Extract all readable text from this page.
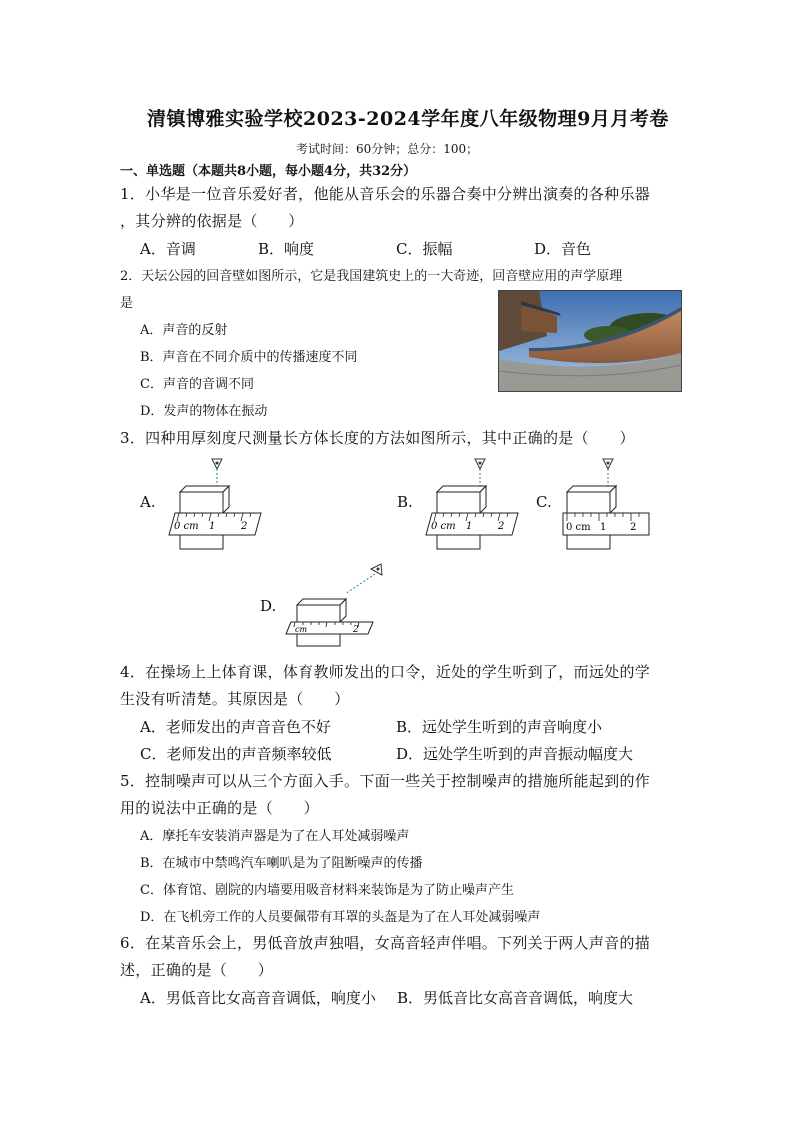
清镇博雅实验学校2023-2024学年度八年级物理9月月考卷
考试时间：60分钟；总分：100；
一、单选题（本题共8小题，每小题4分，共32分）
1．小华是一位音乐爱好者，他能从音乐会的乐器合奏中分辨出演奏的各种乐器
，其分辨的依据是（　　）
A．音调	B．响度	C．振幅	D．音色
2．天坛公园的回音壁如图所示，它是我国建筑史上的一大奇迹，回音壁应用的声学原理
是
A．声音的反射
B．声音在不同介质中的传播速度不同
C．声音的音调不同
D．发声的物体在振动
3．四种用厚刻度尺测量长方体长度的方法如图所示，其中正确的是（　　）
A.
0 cm 1	2
B.
0 cm 1	2
C.
0 cm 1 2
D.
cm	2
4．在操场上上体育课，体育教师发出的口令，近处的学生听到了，而远处的学
生没有听清楚。其原因是（　　）
A．老师发出的声音音色不好	B．远处学生听到的声音响度小
C．老师发出的声音频率较低	D．远处学生听到的声音振动幅度大
5．控制噪声可以从三个方面入手。下面一些关于控制噪声的措施所能起到的作
用的说法中正确的是（　　）
A．摩托车安装消声器是为了在人耳处减弱噪声
B．在城市中禁鸣汽车喇叭是为了阻断噪声的传播
C．体育馆、剧院的内墙要用吸音材料来装饰是为了防止噪声产生
D．在飞机旁工作的人员要佩带有耳罩的头盔是为了在人耳处减弱噪声
6．在某音乐会上，男低音放声独唱，女高音轻声伴唱。下列关于两人声音的描
述，正确的是（　　）
A．男低音比女高音音调低，响度小 B．男低音比女高音音调低，响度大
